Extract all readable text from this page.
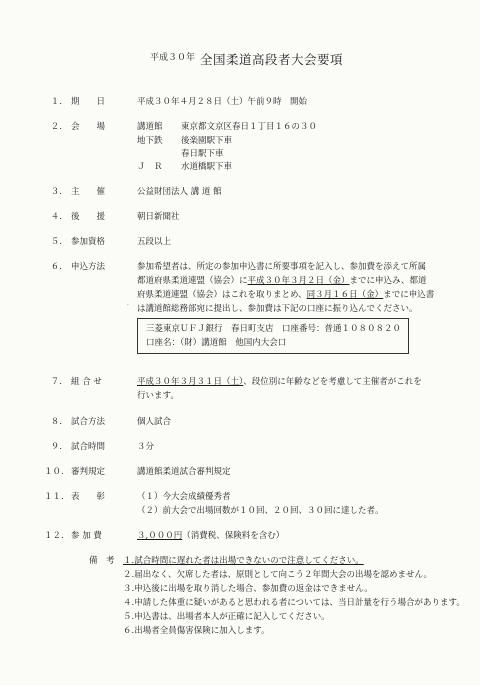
平成３０年 全国柔道高段者大会要項
１. 期　　日	平成３０年４月２８日（土）午前９時　開始
２. 会　　場	講道館 東京都文京区春日１丁目１６の３０
地下鉄 後楽園駅下車
春日駅下車
Ｊ　Ｒ 水道橋駅下車
３. 主　　催	公益財団法人 講 道 館
４. 後　　援	朝日新聞社
５. 参加資格	五段以上
６. 申込方法	参加希望者は、所定の参加申込書に所要事項を記入し、参加費を添えて所属
都道府県柔道連盟（協会）に平成３０年３月２日（金）までに申込み、都道
府県柔道連盟（協会）はこれを取りまとめ、同３月１６日（金）までに申込書
は講道館総務部宛に提出し、参加費は下記の口座に振り込んでください。
·
三菱東京ＵＦＪ銀行　春日町支店　口座番号：普通１０８０８２０
口座名：（財）講道館　他国内大会口
７. 組 合 せ	平成３０年３月３１日（土）、段位別に年齢などを考慮して主催者がこれを
行います。
８. 試合方法	個人試合
９. 試合時間	３分
１０. 審判規定	講道館柔道試合審判規定
１１. 表　　彰	（１）今大会成績優秀者
（２）前大会で出場回数が１０回、２０回、３０回に達した者。
１２. 参 加 費	３,０００円（消費税、保険料を含む）
備　考 １.試合時間に遅れた者は出場できないので注意してください。
２.届出なく、欠席した者は、原則として向こう２年間大会の出場を認めません。
３.申込後に出場を取り消した場合、参加費の返金はできません。
４.申請した体重に疑いがあると思われる者については、当日計量を行う場合があります。
５.申込書は、出場者本人が正確に記入してください。
６.出場者全員傷害保険に加入します。
